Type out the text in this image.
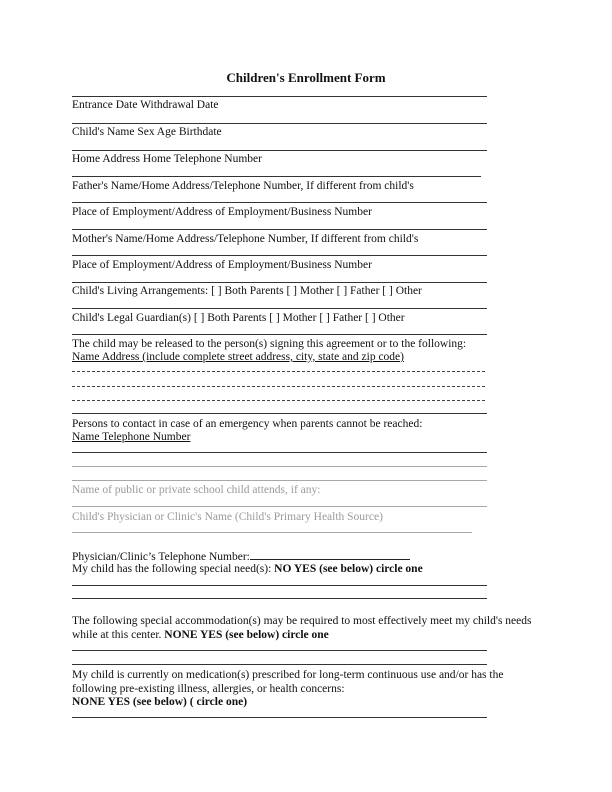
Children's Enrollment Form
Entrance Date Withdrawal Date
Child's Name Sex Age Birthdate
Home Address Home Telephone Number
Father's Name/Home Address/Telephone Number, If different from child's
Place of Employment/Address of Employment/Business Number
Mother's Name/Home Address/Telephone Number, If different from child's
Place of Employment/Address of Employment/Business Number
Child's Living Arrangements: [ ] Both Parents [ ] Mother [ ] Father [ ] Other
Child's Legal Guardian(s) [ ] Both Parents [ ] Mother [ ] Father [ ] Other
The child may be released to the person(s) signing this agreement or to the following:
Name Address (include complete street address, city, state and zip code)
Persons to contact in case of an emergency when parents cannot be reached:
Name Telephone Number
Name of public or private school child attends, if any:
Child's Physician or Clinic's Name (Child's Primary Health Source)
Physician/Clinic’s Telephone Number:
My child has the following special need(s): NO YES (see below) circle one
The following special accommodation(s) may be required to most effectively meet my child's needs
while at this center. NONE YES (see below) circle one
My child is currently on medication(s) prescribed for long-term continuous use and/or has the
following pre-existing illness, allergies, or health concerns:
NONE YES (see below) ( circle one)
